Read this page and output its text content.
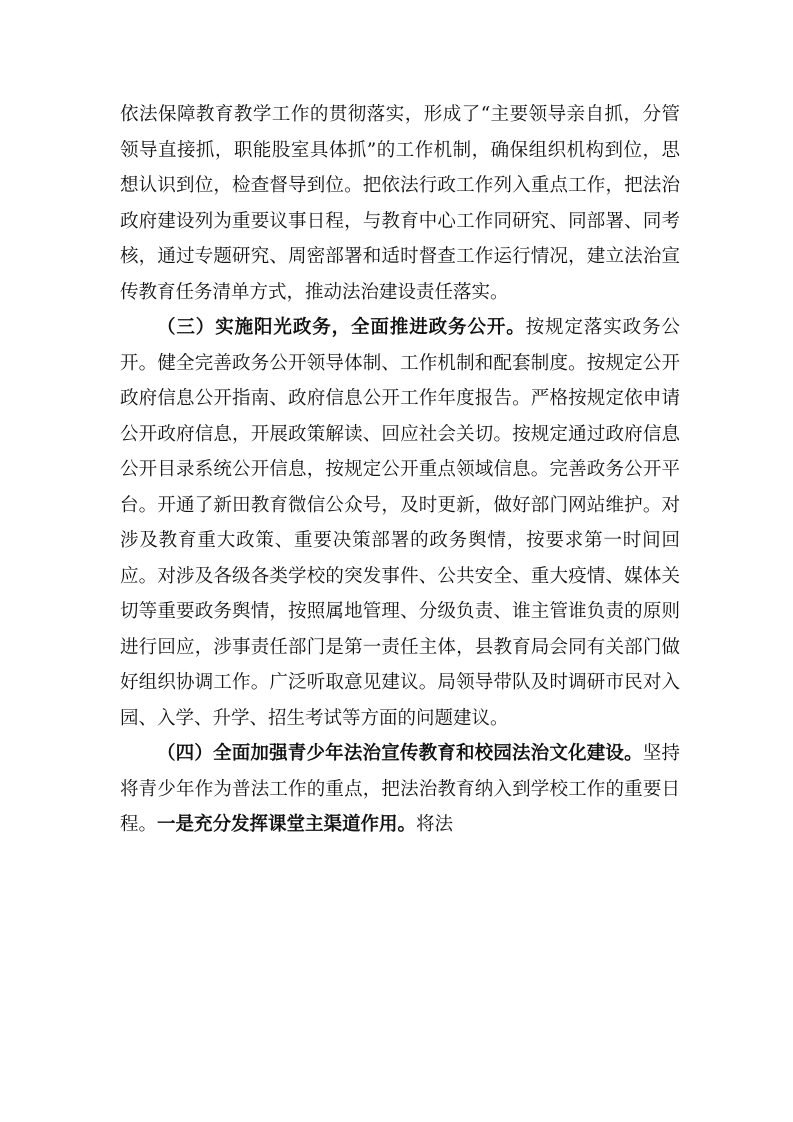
依法保障教育教学工作的贯彻落实，形成了“主要领导亲自抓，分管领导直接抓，职能股室具体抓”的工作机制，确保组织机构到位，思想认识到位，检查督导到位。把依法行政工作列入重点工作，把法治政府建设列为重要议事日程，与教育中心工作同研究、同部署、同考核，通过专题研究、周密部署和适时督查工作运行情况，建立法治宣传教育任务清单方式，推动法治建设责任落实。

（三）实施阳光政务，全面推进政务公开。按规定落实政务公开。健全完善政务公开领导体制、工作机制和配套制度。按规定公开政府信息公开指南、政府信息公开工作年度报告。严格按规定依申请公开政府信息，开展政策解读、回应社会关切。按规定通过政府信息公开目录系统公开信息，按规定公开重点领域信息。完善政务公开平台。开通了新田教育微信公众号，及时更新，做好部门网站维护。对涉及教育重大政策、重要决策部署的政务舆情，按要求第一时间回应。对涉及各级各类学校的突发事件、公共安全、重大疫情、媒体关切等重要政务舆情，按照属地管理、分级负责、谁主管谁负责的原则进行回应，涉事责任部门是第一责任主体，县教育局会同有关部门做好组织协调工作。广泛听取意见建议。局领导带队及时调研市民对入园、入学、升学、招生考试等方面的问题建议。

（四）全面加强青少年法治宣传教育和校园法治文化建设。坚持将青少年作为普法工作的重点，把法治教育纳入到学校工作的重要日程。一是充分发挥课堂主渠道作用。将法
